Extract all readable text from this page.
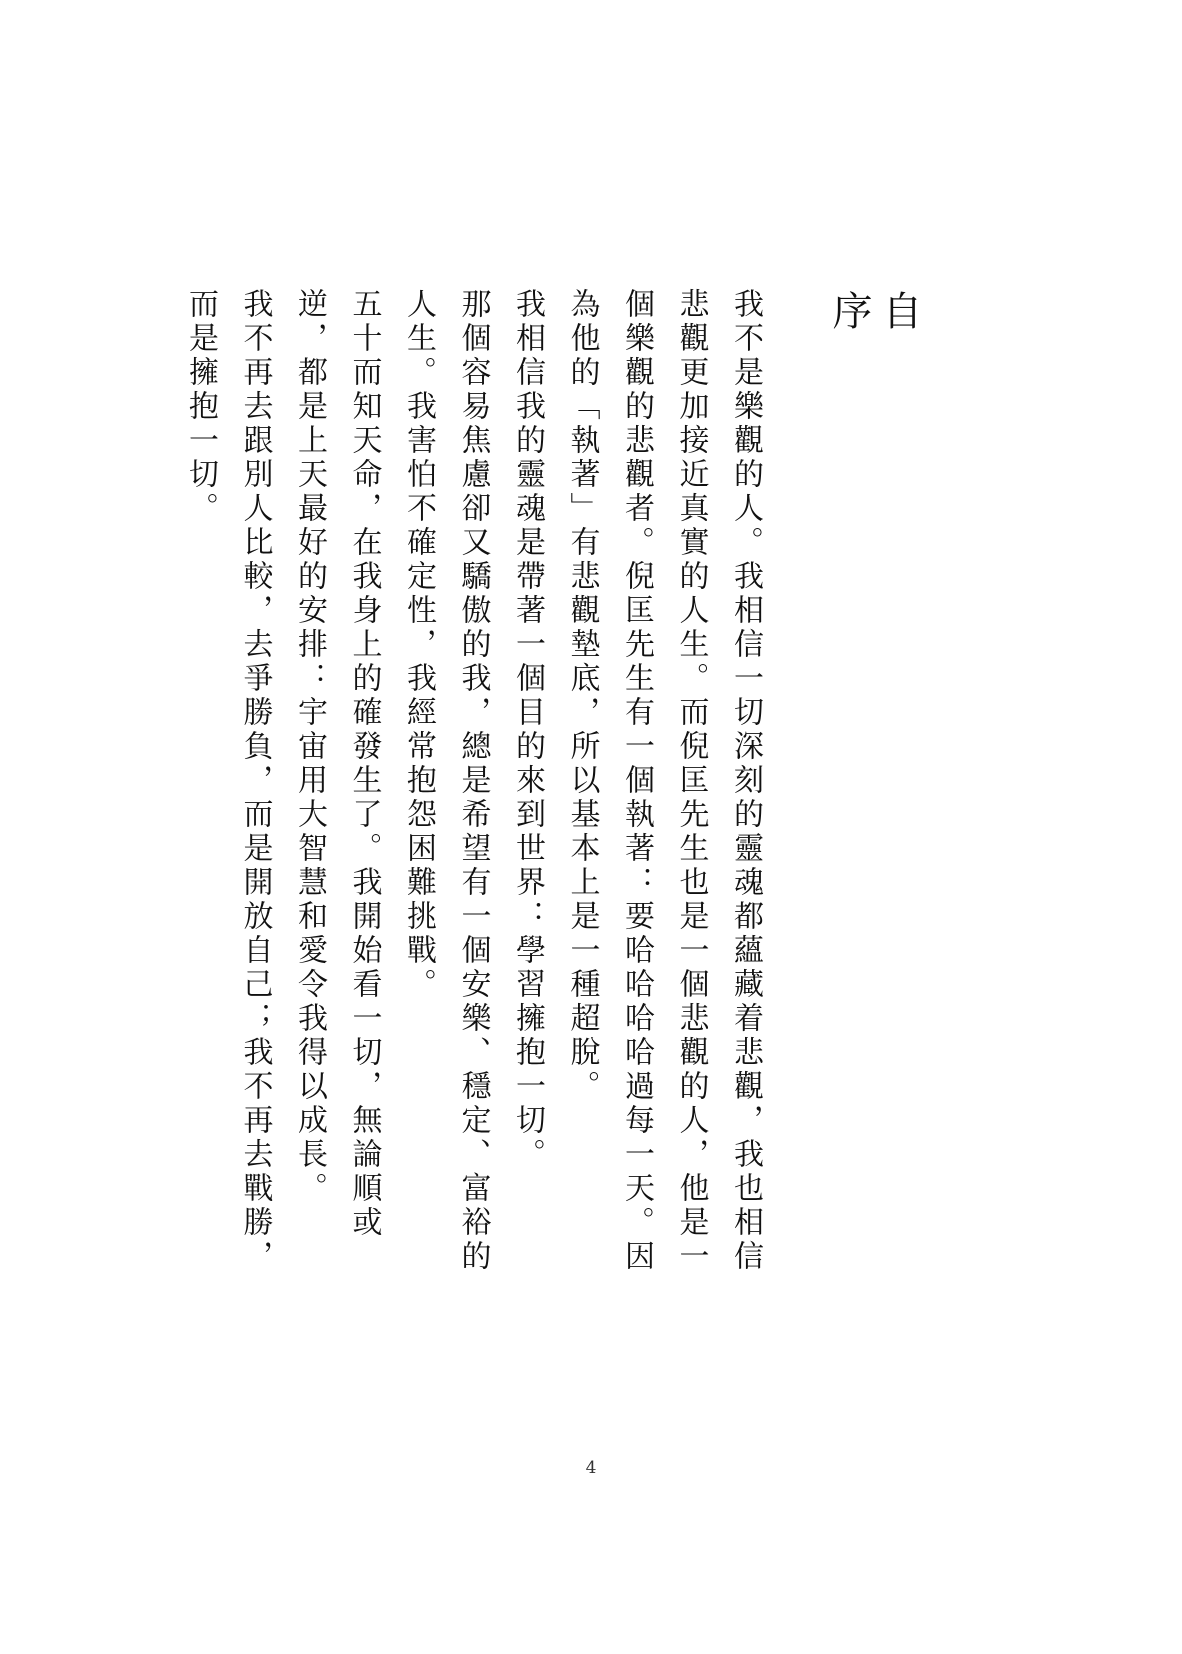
自序

我不是樂觀的人。我相信一切深刻的靈魂都蘊藏着悲觀，我也相信悲觀更加接近真實的人生。而倪匡先生也是一個悲觀的人，他是一個樂觀的悲觀者。倪匡先生有一個執著：要哈哈哈哈過每一天。因為他的「執著」有悲觀墊底，所以基本上是一種超脫。

我相信我的靈魂是帶著一個目的來到世界：學習擁抱一切。

那個容易焦慮卻又驕傲的我，總是希望有一個安樂、穩定、富裕的人生。我害怕不確定性，我經常抱怨困難挑戰。

五十而知天命，在我身上的確發生了。我開始看一切，無論順或逆，都是上天最好的安排：宇宙用大智慧和愛令我得以成長。

我不再去跟別人比較，去爭勝負，而是開放自己；我不再去戰勝，而是擁抱一切。

4
